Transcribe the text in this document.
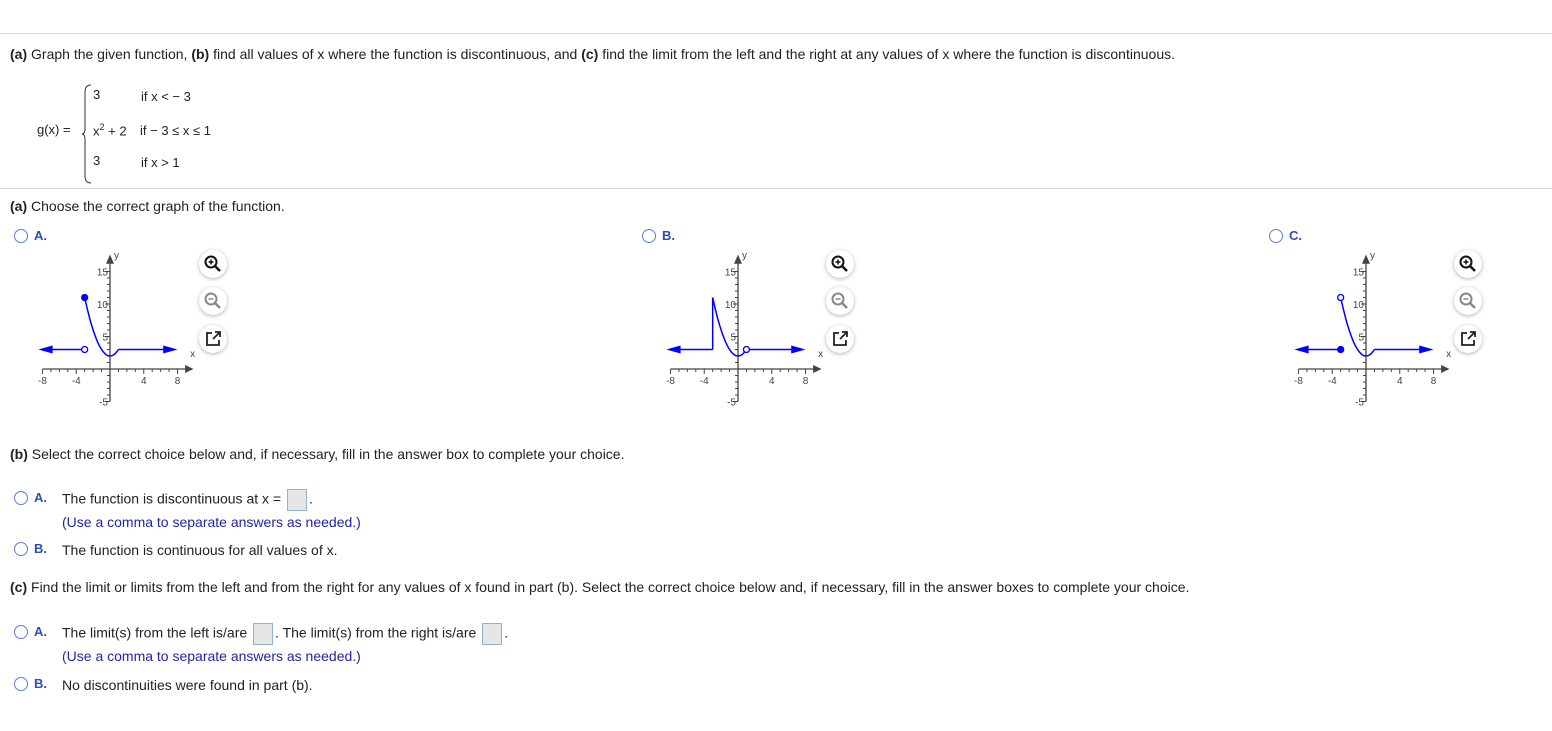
(a) Graph the given function, (b) find all values of x where the function is discontinuous, and (c) find the limit from the left and the right at any values of x where the function is discontinuous.
g(x) =
3	if x < − 3
$x^2 + 2$ if − 3 ≤ x ≤ 1
3	if x > 1
(a) Choose the correct graph of the function.
A.	B.	C.
-8 -4	4	8
-5
5
10
15
x
y
-8 -4	4	8
-5
5
10
15
x
y
-8 -4	4	8
-5
5
10
15
x
y
(b) Select the correct choice below and, if necessary, fill in the answer box to complete your choice.
A. The function is discontinuous at x = .
(Use a comma to separate answers as needed.)
B. The function is continuous for all values of x.
(c) Find the limit or limits from the left and from the right for any values of x found in part (b). Select the correct choice below and, if necessary, fill in the answer boxes to complete your choice.
A. The limit(s) from the left is/are . The limit(s) from the right is/are .
(Use a comma to separate answers as needed.)
B. No discontinuities were found in part (b).
